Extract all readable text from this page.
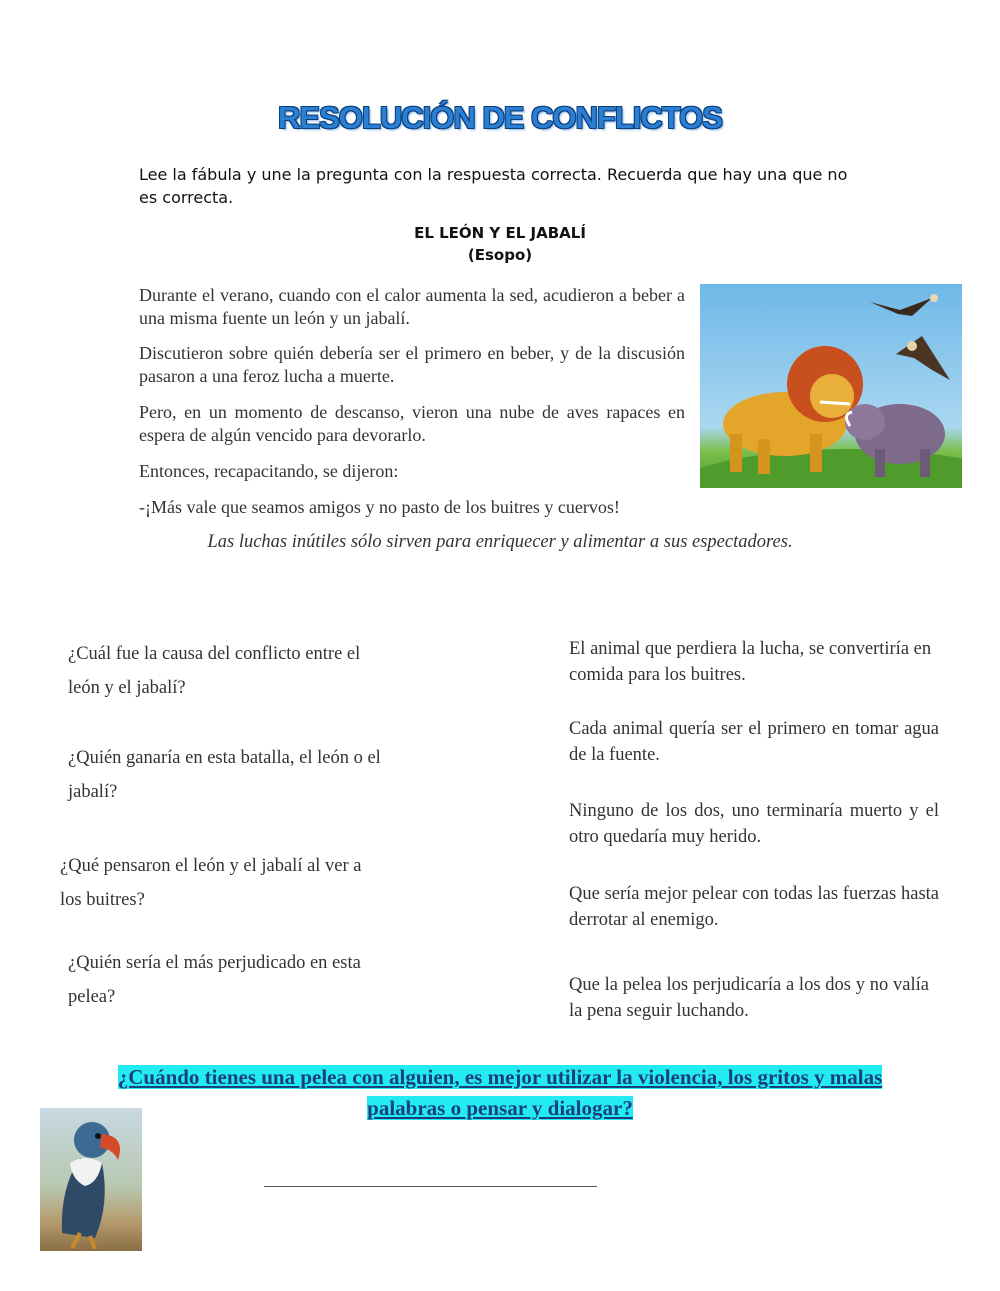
RESOLUCIÓN DE CONFLICTOS
Lee la fábula y une la pregunta con la respuesta correcta. Recuerda que hay una que no es correcta.
EL LEÓN Y EL JABALÍ
(Esopo)
Durante el verano, cuando con el calor aumenta la sed, acudieron a beber a una misma fuente un león y un jabalí.
Discutieron sobre quién debería ser el primero en beber, y de la discusión pasaron a una feroz lucha a muerte.
Pero, en un momento de descanso, vieron una nube de aves rapaces en espera de algún vencido para devorarlo.
Entonces, recapacitando, se dijeron:
-¡Más vale que seamos amigos y no pasto de los buitres y cuervos!
Las luchas inútiles sólo sirven para enriquecer y alimentar a sus espectadores.
¿Cuál fue la causa del conflicto entre el león y el jabalí?
¿Quién ganaría en esta batalla, el león o el jabalí?
¿Qué pensaron el león y el jabalí al ver a los buitres?
¿Quién sería el más perjudicado en esta pelea?
El animal que perdiera la lucha, se convertiría en comida para los buitres.
Cada animal quería ser el primero en tomar agua de la fuente.
Ninguno de los dos, uno terminaría muerto y el otro quedaría muy herido.
Que sería mejor pelear con todas las fuerzas hasta derrotar al enemigo.
Que la pelea los perjudicaría a los dos y no valía la pena seguir luchando.
¿Cuándo tienes una pelea con alguien, es mejor utilizar la violencia, los gritos y malas
palabras o pensar y dialogar?
